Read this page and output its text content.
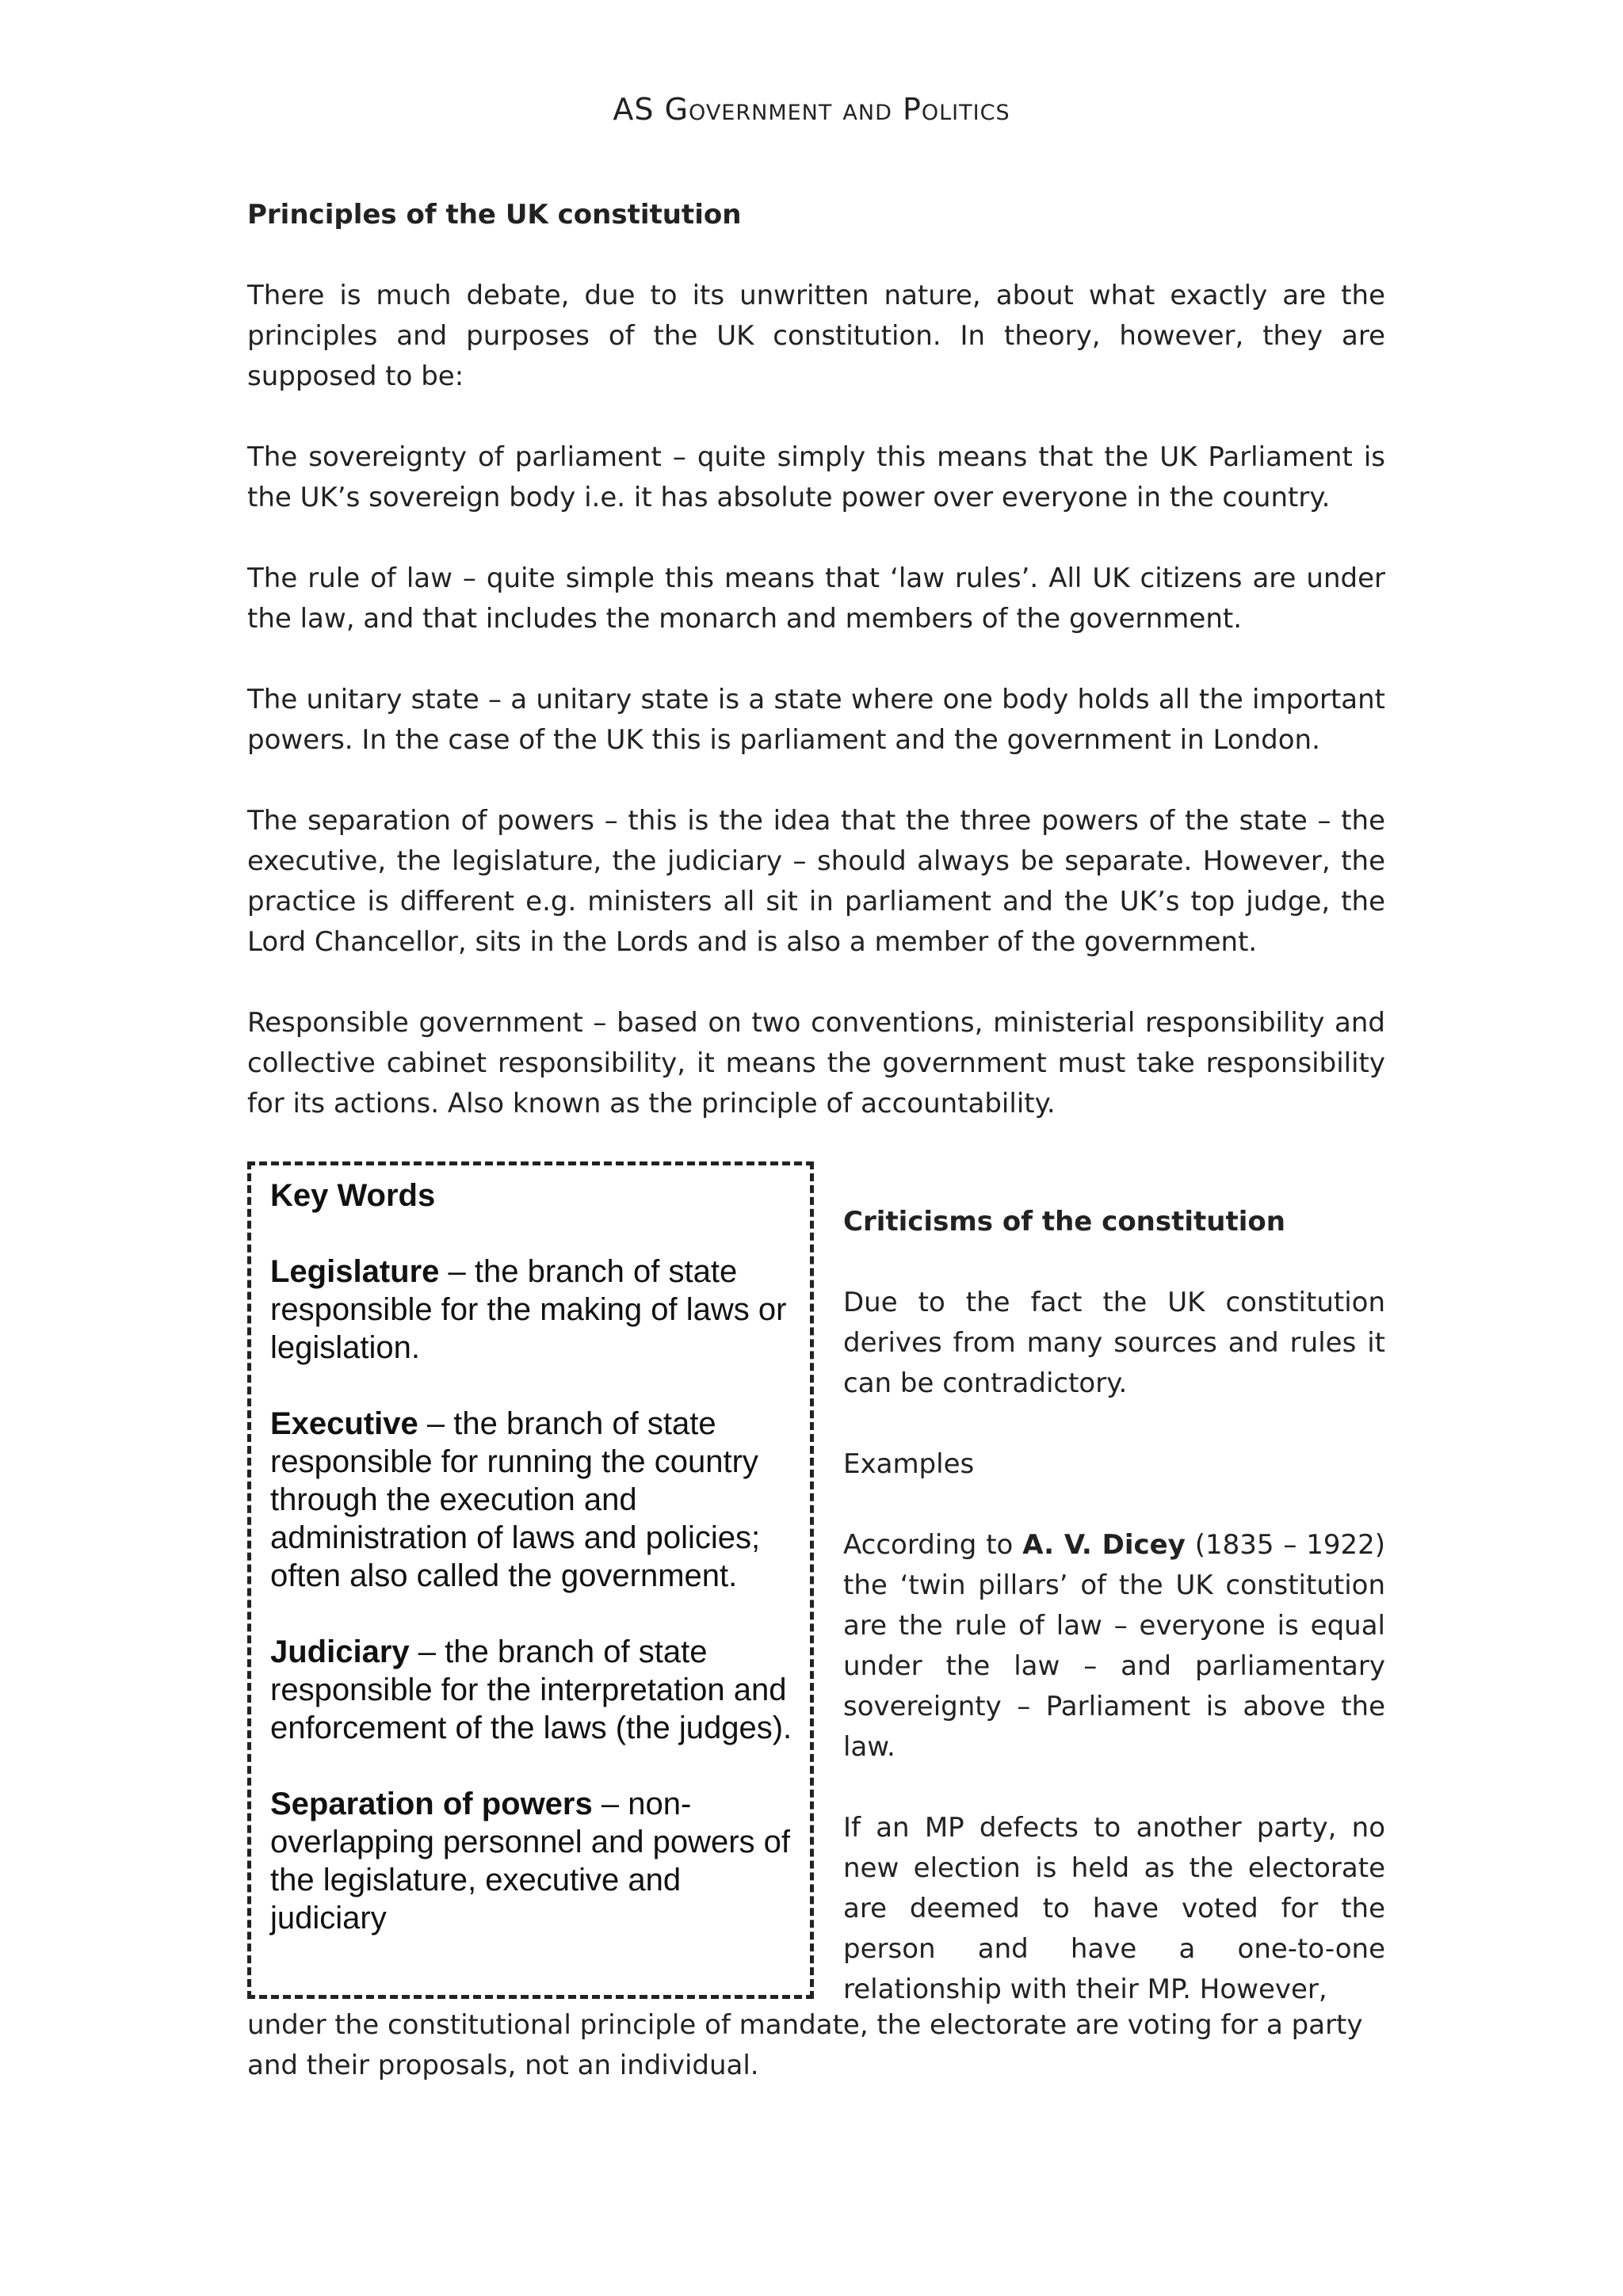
AS Government and Politics

Principles of the UK constitution

There is much debate, due to its unwritten nature, about what exactly are the principles and purposes of the UK constitution. In theory, however, they are supposed to be:

The sovereignty of parliament – quite simply this means that the UK Parliament is the UK’s sovereign body i.e. it has absolute power over everyone in the country.

The rule of law – quite simple this means that ‘law rules’. All UK citizens are under the law, and that includes the monarch and members of the government.

The unitary state – a unitary state is a state where one body holds all the important powers. In the case of the UK this is parliament and the government in London.

The separation of powers – this is the idea that the three powers of the state – the executive, the legislature, the judiciary – should always be separate. However, the practice is different e.g. ministers all sit in parliament and the UK’s top judge, the Lord Chancellor, sits in the Lords and is also a member of the government.

Responsible government – based on two conventions, ministerial responsibility and collective cabinet responsibility, it means the government must take responsibility for its actions. Also known as the principle of accountability.

Key Words
Legislature – the branch of state responsible for the making of laws or legislation.
Executive – the branch of state responsible for running the country through the execution and administration of laws and policies; often also called the government.
Judiciary – the branch of state responsible for the interpretation and enforcement of the laws (the judges).
Separation of powers – non-overlapping personnel and powers of the legislature, executive and judiciary

Criticisms of the constitution

Due to the fact the UK constitution derives from many sources and rules it can be contradictory.

Examples

According to A. V. Dicey (1835 – 1922) the ‘twin pillars’ of the UK constitution are the rule of law – everyone is equal under the law – and parliamentary sovereignty – Parliament is above the law.

If an MP defects to another party, no new election is held as the electorate are deemed to have voted for the person and have a one-to-one relationship with their MP. However,

under the constitutional principle of mandate, the electorate are voting for a party
and their proposals, not an individual.
